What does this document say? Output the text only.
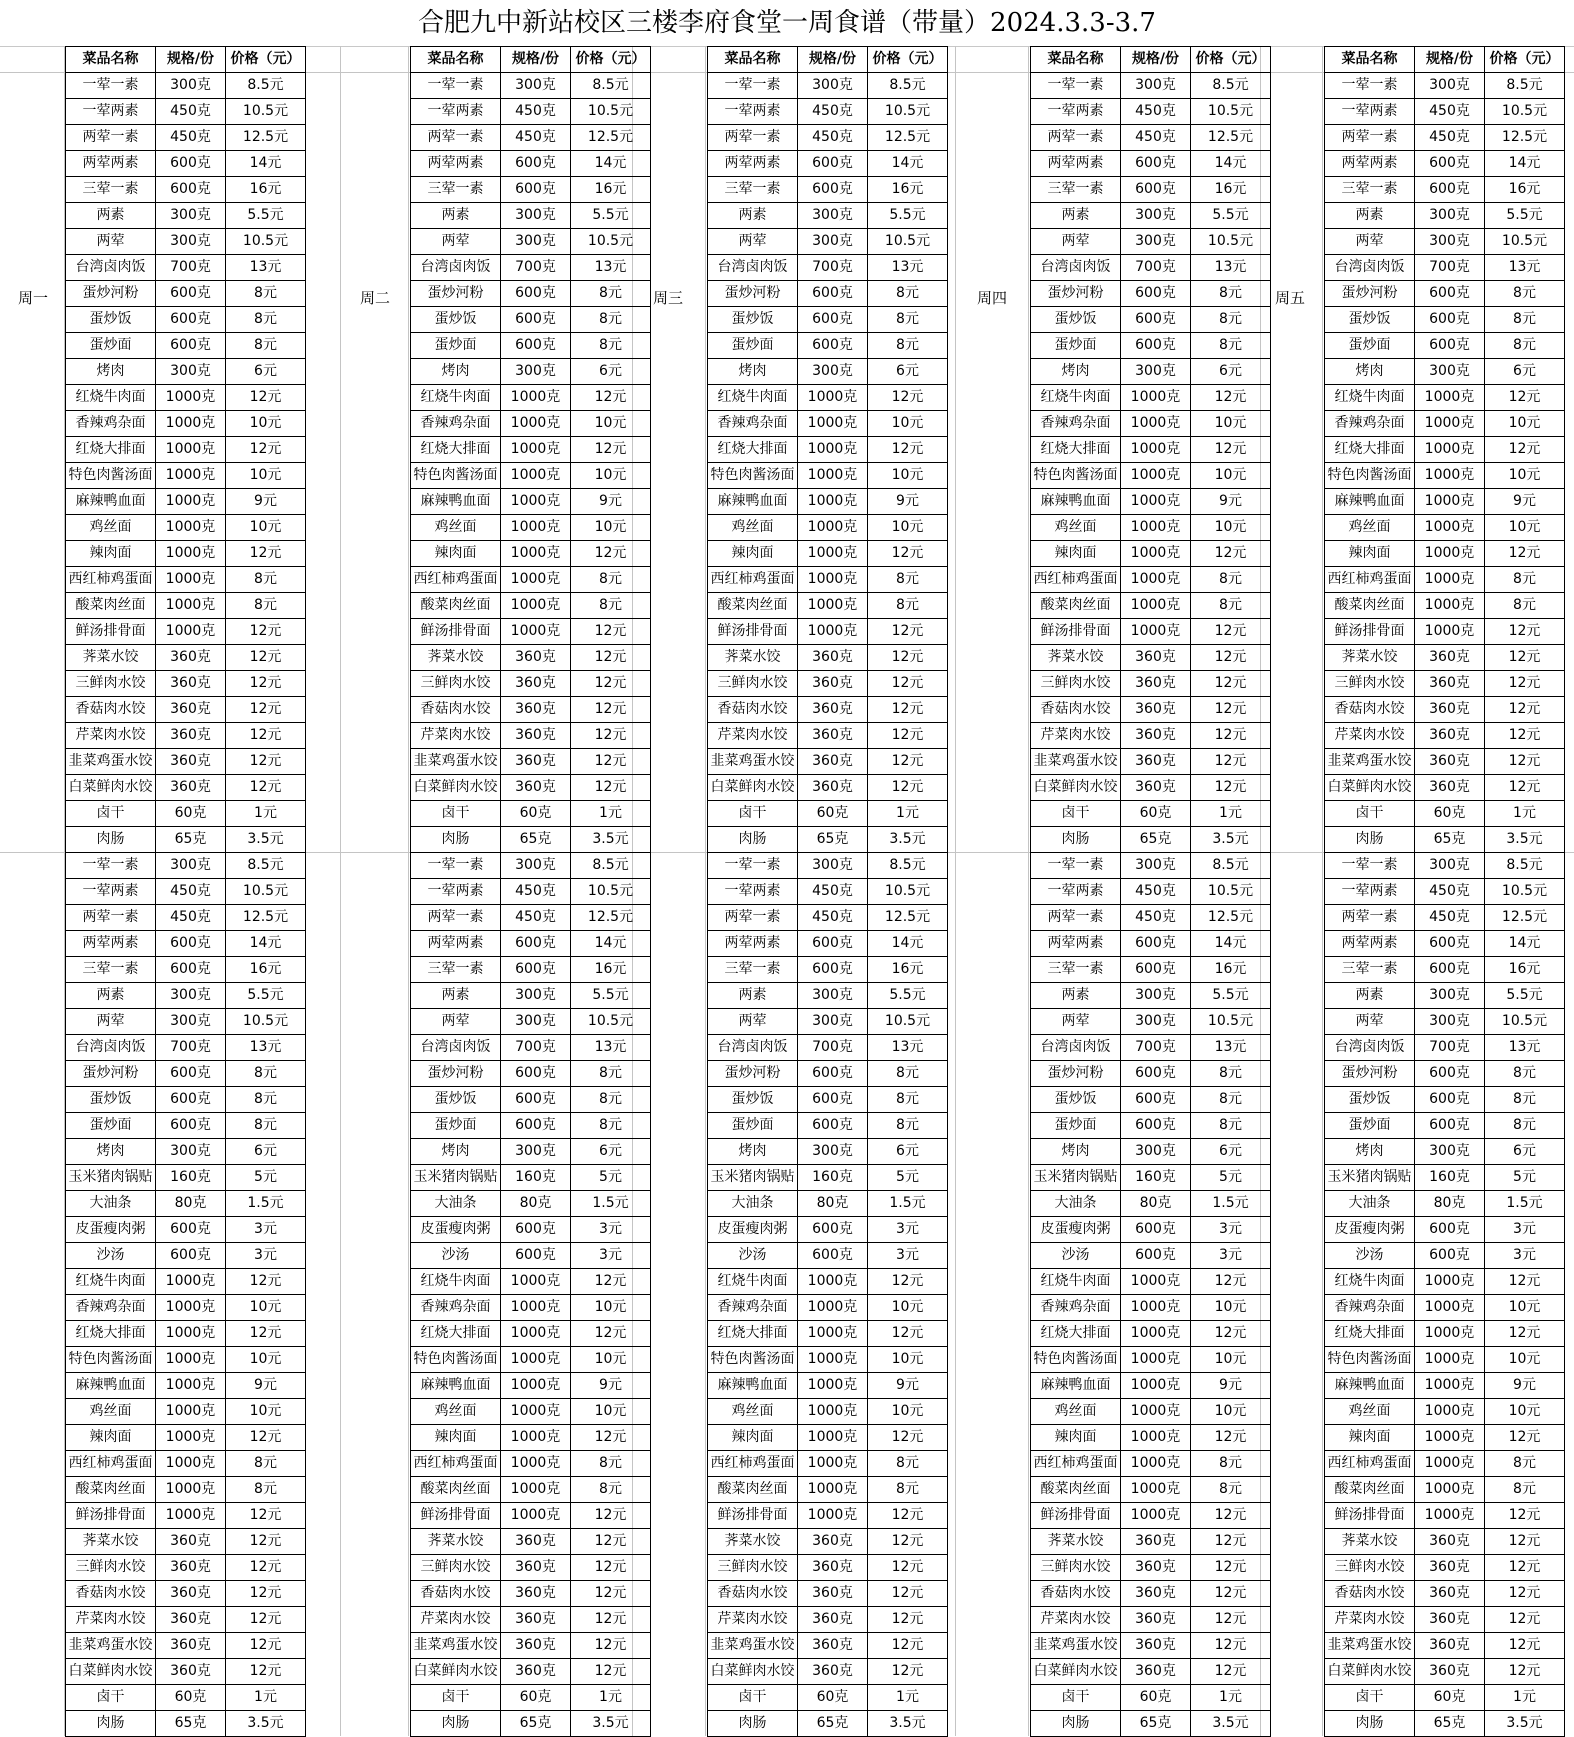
合肥九中新站校区三楼李府食堂一周食谱（带量）2024.3.3-3.7
周一
菜品名称	规格/份	价格（元）
一荤一素	300克	8.5元
一荤两素	450克	10.5元
两荤一素	450克	12.5元
两荤两素	600克	14元
三荤一素	600克	16元
两素	300克	5.5元
两荤	300克	10.5元
台湾卤肉饭	700克	13元
蛋炒河粉	600克	8元
蛋炒饭	600克	8元
蛋炒面	600克	8元
烤肉	300克	6元
红烧牛肉面	1000克	12元
香辣鸡杂面	1000克	10元
红烧大排面	1000克	12元
特色肉酱汤面	1000克	10元
麻辣鸭血面	1000克	9元
鸡丝面	1000克	10元
辣肉面	1000克	12元
西红柿鸡蛋面	1000克	8元
酸菜肉丝面	1000克	8元
鲜汤排骨面	1000克	12元
荠菜水饺	360克	12元
三鲜肉水饺	360克	12元
香菇肉水饺	360克	12元
芹菜肉水饺	360克	12元
韭菜鸡蛋水饺	360克	12元
白菜鲜肉水饺	360克	12元
卤干	60克	1元
肉肠	65克	3.5元
一荤一素	300克	8.5元
一荤两素	450克	10.5元
两荤一素	450克	12.5元
两荤两素	600克	14元
三荤一素	600克	16元
两素	300克	5.5元
两荤	300克	10.5元
台湾卤肉饭	700克	13元
蛋炒河粉	600克	8元
蛋炒饭	600克	8元
蛋炒面	600克	8元
烤肉	300克	6元
玉米猪肉锅贴	160克	5元
大油条	80克	1.5元
皮蛋瘦肉粥	600克	3元
沙汤	600克	3元
红烧牛肉面	1000克	12元
香辣鸡杂面	1000克	10元
红烧大排面	1000克	12元
特色肉酱汤面	1000克	10元
麻辣鸭血面	1000克	9元
鸡丝面	1000克	10元
辣肉面	1000克	12元
西红柿鸡蛋面	1000克	8元
酸菜肉丝面	1000克	8元
鲜汤排骨面	1000克	12元
荠菜水饺	360克	12元
三鲜肉水饺	360克	12元
香菇肉水饺	360克	12元
芹菜肉水饺	360克	12元
韭菜鸡蛋水饺	360克	12元
白菜鲜肉水饺	360克	12元
卤干	60克	1元
肉肠	65克	3.5元
周二
菜品名称	规格/份	价格（元）
一荤一素	300克	8.5元
一荤两素	450克	10.5元
两荤一素	450克	12.5元
两荤两素	600克	14元
三荤一素	600克	16元
两素	300克	5.5元
两荤	300克	10.5元
台湾卤肉饭	700克	13元
蛋炒河粉	600克	8元
蛋炒饭	600克	8元
蛋炒面	600克	8元
烤肉	300克	6元
红烧牛肉面	1000克	12元
香辣鸡杂面	1000克	10元
红烧大排面	1000克	12元
特色肉酱汤面	1000克	10元
麻辣鸭血面	1000克	9元
鸡丝面	1000克	10元
辣肉面	1000克	12元
西红柿鸡蛋面	1000克	8元
酸菜肉丝面	1000克	8元
鲜汤排骨面	1000克	12元
荠菜水饺	360克	12元
三鲜肉水饺	360克	12元
香菇肉水饺	360克	12元
芹菜肉水饺	360克	12元
韭菜鸡蛋水饺	360克	12元
白菜鲜肉水饺	360克	12元
卤干	60克	1元
肉肠	65克	3.5元
一荤一素	300克	8.5元
一荤两素	450克	10.5元
两荤一素	450克	12.5元
两荤两素	600克	14元
三荤一素	600克	16元
两素	300克	5.5元
两荤	300克	10.5元
台湾卤肉饭	700克	13元
蛋炒河粉	600克	8元
蛋炒饭	600克	8元
蛋炒面	600克	8元
烤肉	300克	6元
玉米猪肉锅贴	160克	5元
大油条	80克	1.5元
皮蛋瘦肉粥	600克	3元
沙汤	600克	3元
红烧牛肉面	1000克	12元
香辣鸡杂面	1000克	10元
红烧大排面	1000克	12元
特色肉酱汤面	1000克	10元
麻辣鸭血面	1000克	9元
鸡丝面	1000克	10元
辣肉面	1000克	12元
西红柿鸡蛋面	1000克	8元
酸菜肉丝面	1000克	8元
鲜汤排骨面	1000克	12元
荠菜水饺	360克	12元
三鲜肉水饺	360克	12元
香菇肉水饺	360克	12元
芹菜肉水饺	360克	12元
韭菜鸡蛋水饺	360克	12元
白菜鲜肉水饺	360克	12元
卤干	60克	1元
肉肠	65克	3.5元
周三
菜品名称	规格/份	价格（元）
一荤一素	300克	8.5元
一荤两素	450克	10.5元
两荤一素	450克	12.5元
两荤两素	600克	14元
三荤一素	600克	16元
两素	300克	5.5元
两荤	300克	10.5元
台湾卤肉饭	700克	13元
蛋炒河粉	600克	8元
蛋炒饭	600克	8元
蛋炒面	600克	8元
烤肉	300克	6元
红烧牛肉面	1000克	12元
香辣鸡杂面	1000克	10元
红烧大排面	1000克	12元
特色肉酱汤面	1000克	10元
麻辣鸭血面	1000克	9元
鸡丝面	1000克	10元
辣肉面	1000克	12元
西红柿鸡蛋面	1000克	8元
酸菜肉丝面	1000克	8元
鲜汤排骨面	1000克	12元
荠菜水饺	360克	12元
三鲜肉水饺	360克	12元
香菇肉水饺	360克	12元
芹菜肉水饺	360克	12元
韭菜鸡蛋水饺	360克	12元
白菜鲜肉水饺	360克	12元
卤干	60克	1元
肉肠	65克	3.5元
一荤一素	300克	8.5元
一荤两素	450克	10.5元
两荤一素	450克	12.5元
两荤两素	600克	14元
三荤一素	600克	16元
两素	300克	5.5元
两荤	300克	10.5元
台湾卤肉饭	700克	13元
蛋炒河粉	600克	8元
蛋炒饭	600克	8元
蛋炒面	600克	8元
烤肉	300克	6元
玉米猪肉锅贴	160克	5元
大油条	80克	1.5元
皮蛋瘦肉粥	600克	3元
沙汤	600克	3元
红烧牛肉面	1000克	12元
香辣鸡杂面	1000克	10元
红烧大排面	1000克	12元
特色肉酱汤面	1000克	10元
麻辣鸭血面	1000克	9元
鸡丝面	1000克	10元
辣肉面	1000克	12元
西红柿鸡蛋面	1000克	8元
酸菜肉丝面	1000克	8元
鲜汤排骨面	1000克	12元
荠菜水饺	360克	12元
三鲜肉水饺	360克	12元
香菇肉水饺	360克	12元
芹菜肉水饺	360克	12元
韭菜鸡蛋水饺	360克	12元
白菜鲜肉水饺	360克	12元
卤干	60克	1元
肉肠	65克	3.5元
周四
菜品名称	规格/份	价格（元）
一荤一素	300克	8.5元
一荤两素	450克	10.5元
两荤一素	450克	12.5元
两荤两素	600克	14元
三荤一素	600克	16元
两素	300克	5.5元
两荤	300克	10.5元
台湾卤肉饭	700克	13元
蛋炒河粉	600克	8元
蛋炒饭	600克	8元
蛋炒面	600克	8元
烤肉	300克	6元
红烧牛肉面	1000克	12元
香辣鸡杂面	1000克	10元
红烧大排面	1000克	12元
特色肉酱汤面	1000克	10元
麻辣鸭血面	1000克	9元
鸡丝面	1000克	10元
辣肉面	1000克	12元
西红柿鸡蛋面	1000克	8元
酸菜肉丝面	1000克	8元
鲜汤排骨面	1000克	12元
荠菜水饺	360克	12元
三鲜肉水饺	360克	12元
香菇肉水饺	360克	12元
芹菜肉水饺	360克	12元
韭菜鸡蛋水饺	360克	12元
白菜鲜肉水饺	360克	12元
卤干	60克	1元
肉肠	65克	3.5元
一荤一素	300克	8.5元
一荤两素	450克	10.5元
两荤一素	450克	12.5元
两荤两素	600克	14元
三荤一素	600克	16元
两素	300克	5.5元
两荤	300克	10.5元
台湾卤肉饭	700克	13元
蛋炒河粉	600克	8元
蛋炒饭	600克	8元
蛋炒面	600克	8元
烤肉	300克	6元
玉米猪肉锅贴	160克	5元
大油条	80克	1.5元
皮蛋瘦肉粥	600克	3元
沙汤	600克	3元
红烧牛肉面	1000克	12元
香辣鸡杂面	1000克	10元
红烧大排面	1000克	12元
特色肉酱汤面	1000克	10元
麻辣鸭血面	1000克	9元
鸡丝面	1000克	10元
辣肉面	1000克	12元
西红柿鸡蛋面	1000克	8元
酸菜肉丝面	1000克	8元
鲜汤排骨面	1000克	12元
荠菜水饺	360克	12元
三鲜肉水饺	360克	12元
香菇肉水饺	360克	12元
芹菜肉水饺	360克	12元
韭菜鸡蛋水饺	360克	12元
白菜鲜肉水饺	360克	12元
卤干	60克	1元
肉肠	65克	3.5元
周五
菜品名称	规格/份	价格（元）
一荤一素	300克	8.5元
一荤两素	450克	10.5元
两荤一素	450克	12.5元
两荤两素	600克	14元
三荤一素	600克	16元
两素	300克	5.5元
两荤	300克	10.5元
台湾卤肉饭	700克	13元
蛋炒河粉	600克	8元
蛋炒饭	600克	8元
蛋炒面	600克	8元
烤肉	300克	6元
红烧牛肉面	1000克	12元
香辣鸡杂面	1000克	10元
红烧大排面	1000克	12元
特色肉酱汤面	1000克	10元
麻辣鸭血面	1000克	9元
鸡丝面	1000克	10元
辣肉面	1000克	12元
西红柿鸡蛋面	1000克	8元
酸菜肉丝面	1000克	8元
鲜汤排骨面	1000克	12元
荠菜水饺	360克	12元
三鲜肉水饺	360克	12元
香菇肉水饺	360克	12元
芹菜肉水饺	360克	12元
韭菜鸡蛋水饺	360克	12元
白菜鲜肉水饺	360克	12元
卤干	60克	1元
肉肠	65克	3.5元
一荤一素	300克	8.5元
一荤两素	450克	10.5元
两荤一素	450克	12.5元
两荤两素	600克	14元
三荤一素	600克	16元
两素	300克	5.5元
两荤	300克	10.5元
台湾卤肉饭	700克	13元
蛋炒河粉	600克	8元
蛋炒饭	600克	8元
蛋炒面	600克	8元
烤肉	300克	6元
玉米猪肉锅贴	160克	5元
大油条	80克	1.5元
皮蛋瘦肉粥	600克	3元
沙汤	600克	3元
红烧牛肉面	1000克	12元
香辣鸡杂面	1000克	10元
红烧大排面	1000克	12元
特色肉酱汤面	1000克	10元
麻辣鸭血面	1000克	9元
鸡丝面	1000克	10元
辣肉面	1000克	12元
西红柿鸡蛋面	1000克	8元
酸菜肉丝面	1000克	8元
鲜汤排骨面	1000克	12元
荠菜水饺	360克	12元
三鲜肉水饺	360克	12元
香菇肉水饺	360克	12元
芹菜肉水饺	360克	12元
韭菜鸡蛋水饺	360克	12元
白菜鲜肉水饺	360克	12元
卤干	60克	1元
肉肠	65克	3.5元
